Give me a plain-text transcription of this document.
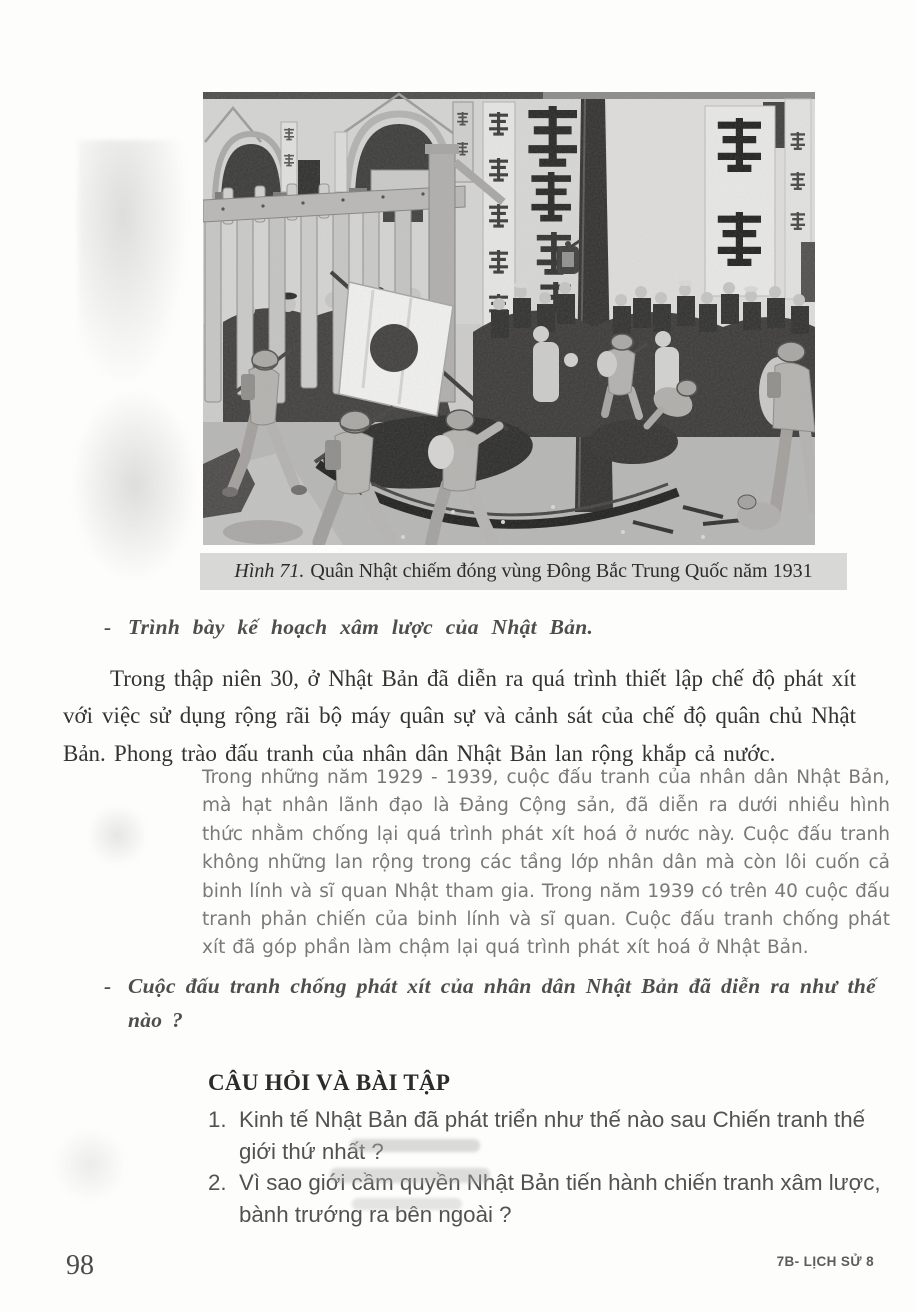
Hình 71. Quân Nhật chiếm đóng vùng Đông Bắc Trung Quốc năm 1931
- Trình bày kế hoạch xâm lược của Nhật Bản.
Trong thập niên 30, ở Nhật Bản đã diễn ra quá trình thiết lập chế độ phát xít với việc sử dụng rộng rãi bộ máy quân sự và cảnh sát của chế độ quân chủ Nhật Bản. Phong trào đấu tranh của nhân dân Nhật Bản lan rộng khắp cả nước.
Trong những năm 1929 - 1939, cuộc đấu tranh của nhân dân Nhật Bản, mà hạt nhân lãnh đạo là Đảng Cộng sản, đã diễn ra dưới nhiều hình thức nhằm chống lại quá trình phát xít hoá ở nước này. Cuộc đấu tranh không những lan rộng trong các tầng lớp nhân dân mà còn lôi cuốn cả binh lính và sĩ quan Nhật tham gia. Trong năm 1939 có trên 40 cuộc đấu tranh phản chiến của binh lính và sĩ quan. Cuộc đấu tranh chống phát xít đã góp phần làm chậm lại quá trình phát xít hoá ở Nhật Bản.
- Cuộc đấu tranh chống phát xít của nhân dân Nhật Bản đã diễn ra như thế nào ?
CÂU HỎI VÀ BÀI TẬP
1. Kinh tế Nhật Bản đã phát triển như thế nào sau Chiến tranh thế giới thứ nhất ?
2. Vì sao giới cầm quyền Nhật Bản tiến hành chiến tranh xâm lược, bành trướng ra bên ngoài ?
98	7B- LỊCH SỬ 8
